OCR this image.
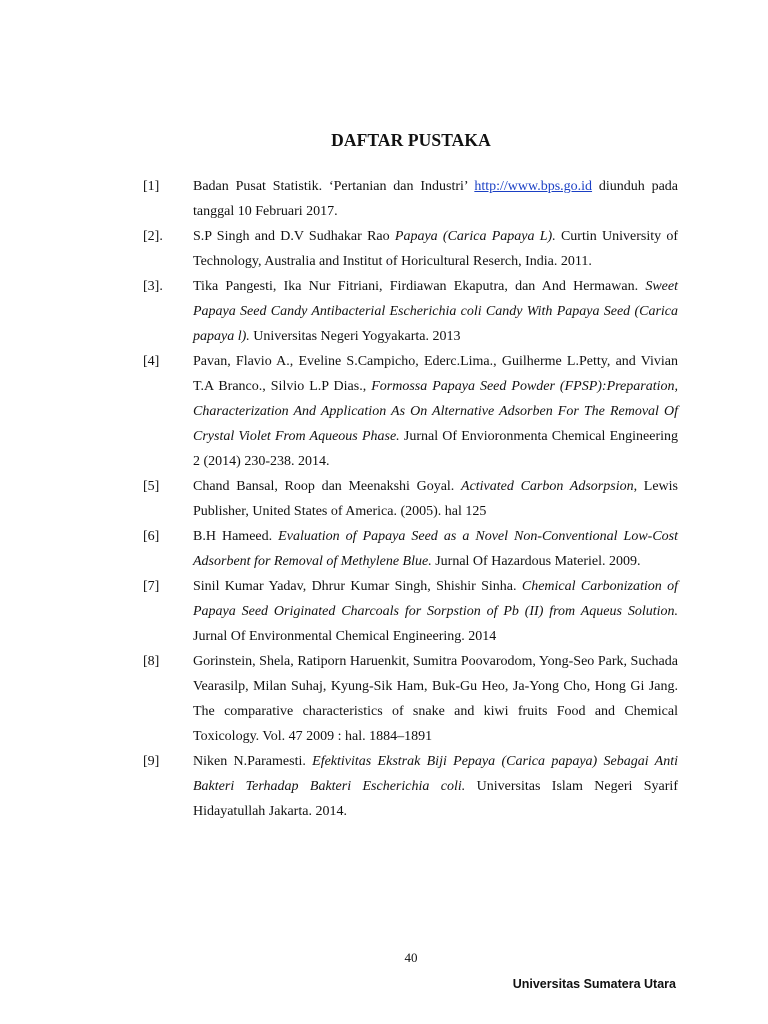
DAFTAR PUSTAKA
[1]	Badan Pusat Statistik. ‘Pertanian dan Industri’ http://www.bps.go.id diunduh pada tanggal 10 Februari 2017.
[2].	S.P Singh and D.V Sudhakar Rao Papaya (Carica Papaya L). Curtin University of Technology, Australia and Institut of Horicultural Reserch, India. 2011.
[3].	Tika Pangesti, Ika Nur Fitriani, Firdiawan Ekaputra, dan And Hermawan. Sweet Papaya Seed Candy Antibacterial Escherichia coli Candy With Papaya Seed (Carica papaya l). Universitas Negeri Yogyakarta. 2013
[4]	Pavan, Flavio A., Eveline S.Campicho, Ederc.Lima., Guilherme L.Petty, and Vivian T.A Branco., Silvio L.P Dias., Formossa Papaya Seed Powder (FPSP):Preparation, Characterization And Application As On Alternative Adsorben For The Removal Of Crystal Violet From Aqueous Phase. Jurnal Of Envioronmenta Chemical Engineering 2 (2014) 230-238. 2014.
[5]	Chand Bansal, Roop dan Meenakshi Goyal. Activated Carbon Adsorpsion, Lewis Publisher, United States of America. (2005). hal 125
[6]	B.H Hameed. Evaluation of Papaya Seed as a Novel Non-Conventional Low-Cost Adsorbent for Removal of Methylene Blue. Jurnal Of Hazardous Materiel. 2009.
[7]	Sinil Kumar Yadav, Dhrur Kumar Singh, Shishir Sinha. Chemical Carbonization of Papaya Seed Originated Charcoals for Sorpstion of Pb (II) from Aqueus Solution. Jurnal Of Environmental Chemical Engineering. 2014
[8]	Gorinstein, Shela, Ratiporn Haruenkit, Sumitra Poovarodom, Yong-Seo Park, Suchada Vearasilp, Milan Suhaj, Kyung-Sik Ham, Buk-Gu Heo, Ja-Yong Cho, Hong Gi Jang. The comparative characteristics of snake and kiwi fruits Food and Chemical Toxicology. Vol. 47 2009 : hal. 1884–1891
[9]	Niken N.Paramesti. Efektivitas Ekstrak Biji Pepaya (Carica papaya) Sebagai Anti Bakteri Terhadap Bakteri Escherichia coli. Universitas Islam Negeri Syarif Hidayatullah Jakarta. 2014.
40
Universitas Sumatera Utara
